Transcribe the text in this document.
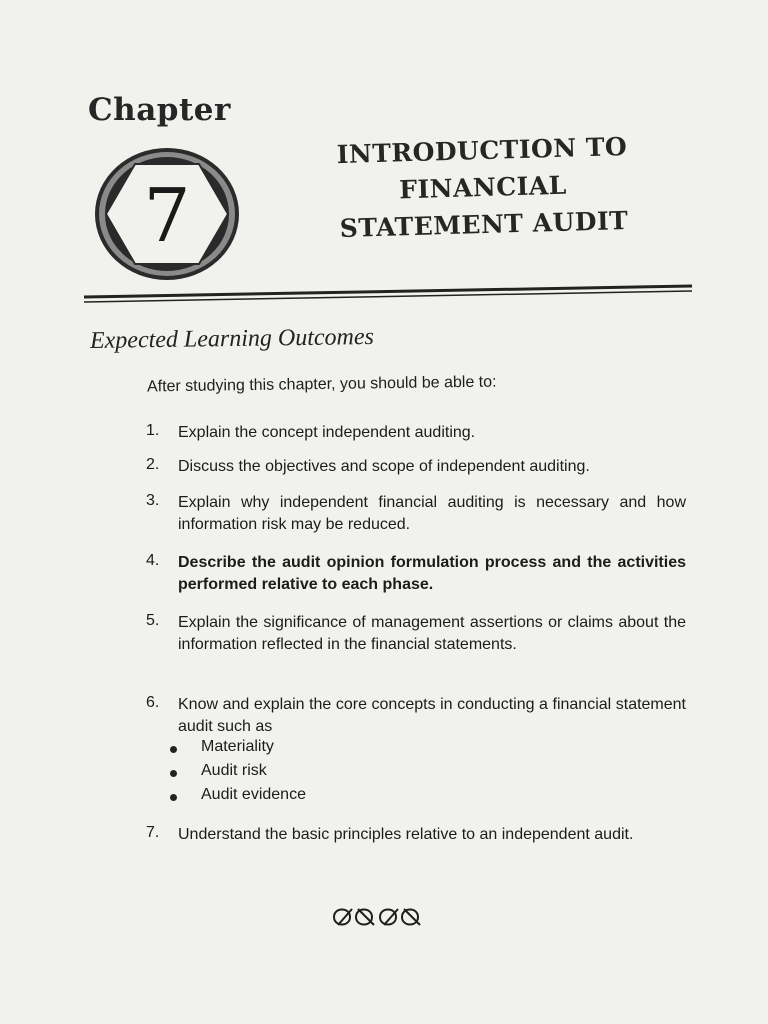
Chapter
7
INTRODUCTION TO
FINANCIAL
STATEMENT AUDIT
Expected Learning Outcomes
After studying this chapter, you should be able to:
1. Explain the concept independent auditing.
2. Discuss the objectives and scope of independent auditing.
3. Explain why independent financial auditing is necessary and how information risk may be reduced.
4. Describe the audit opinion formulation process and the activities performed relative to each phase.
5. Explain the significance of management assertions or claims about the information reflected in the financial statements.
6. Know and explain the core concepts in conducting a financial statement audit such as
Materiality
Audit risk
Audit evidence
7. Understand the basic principles relative to an independent audit.
